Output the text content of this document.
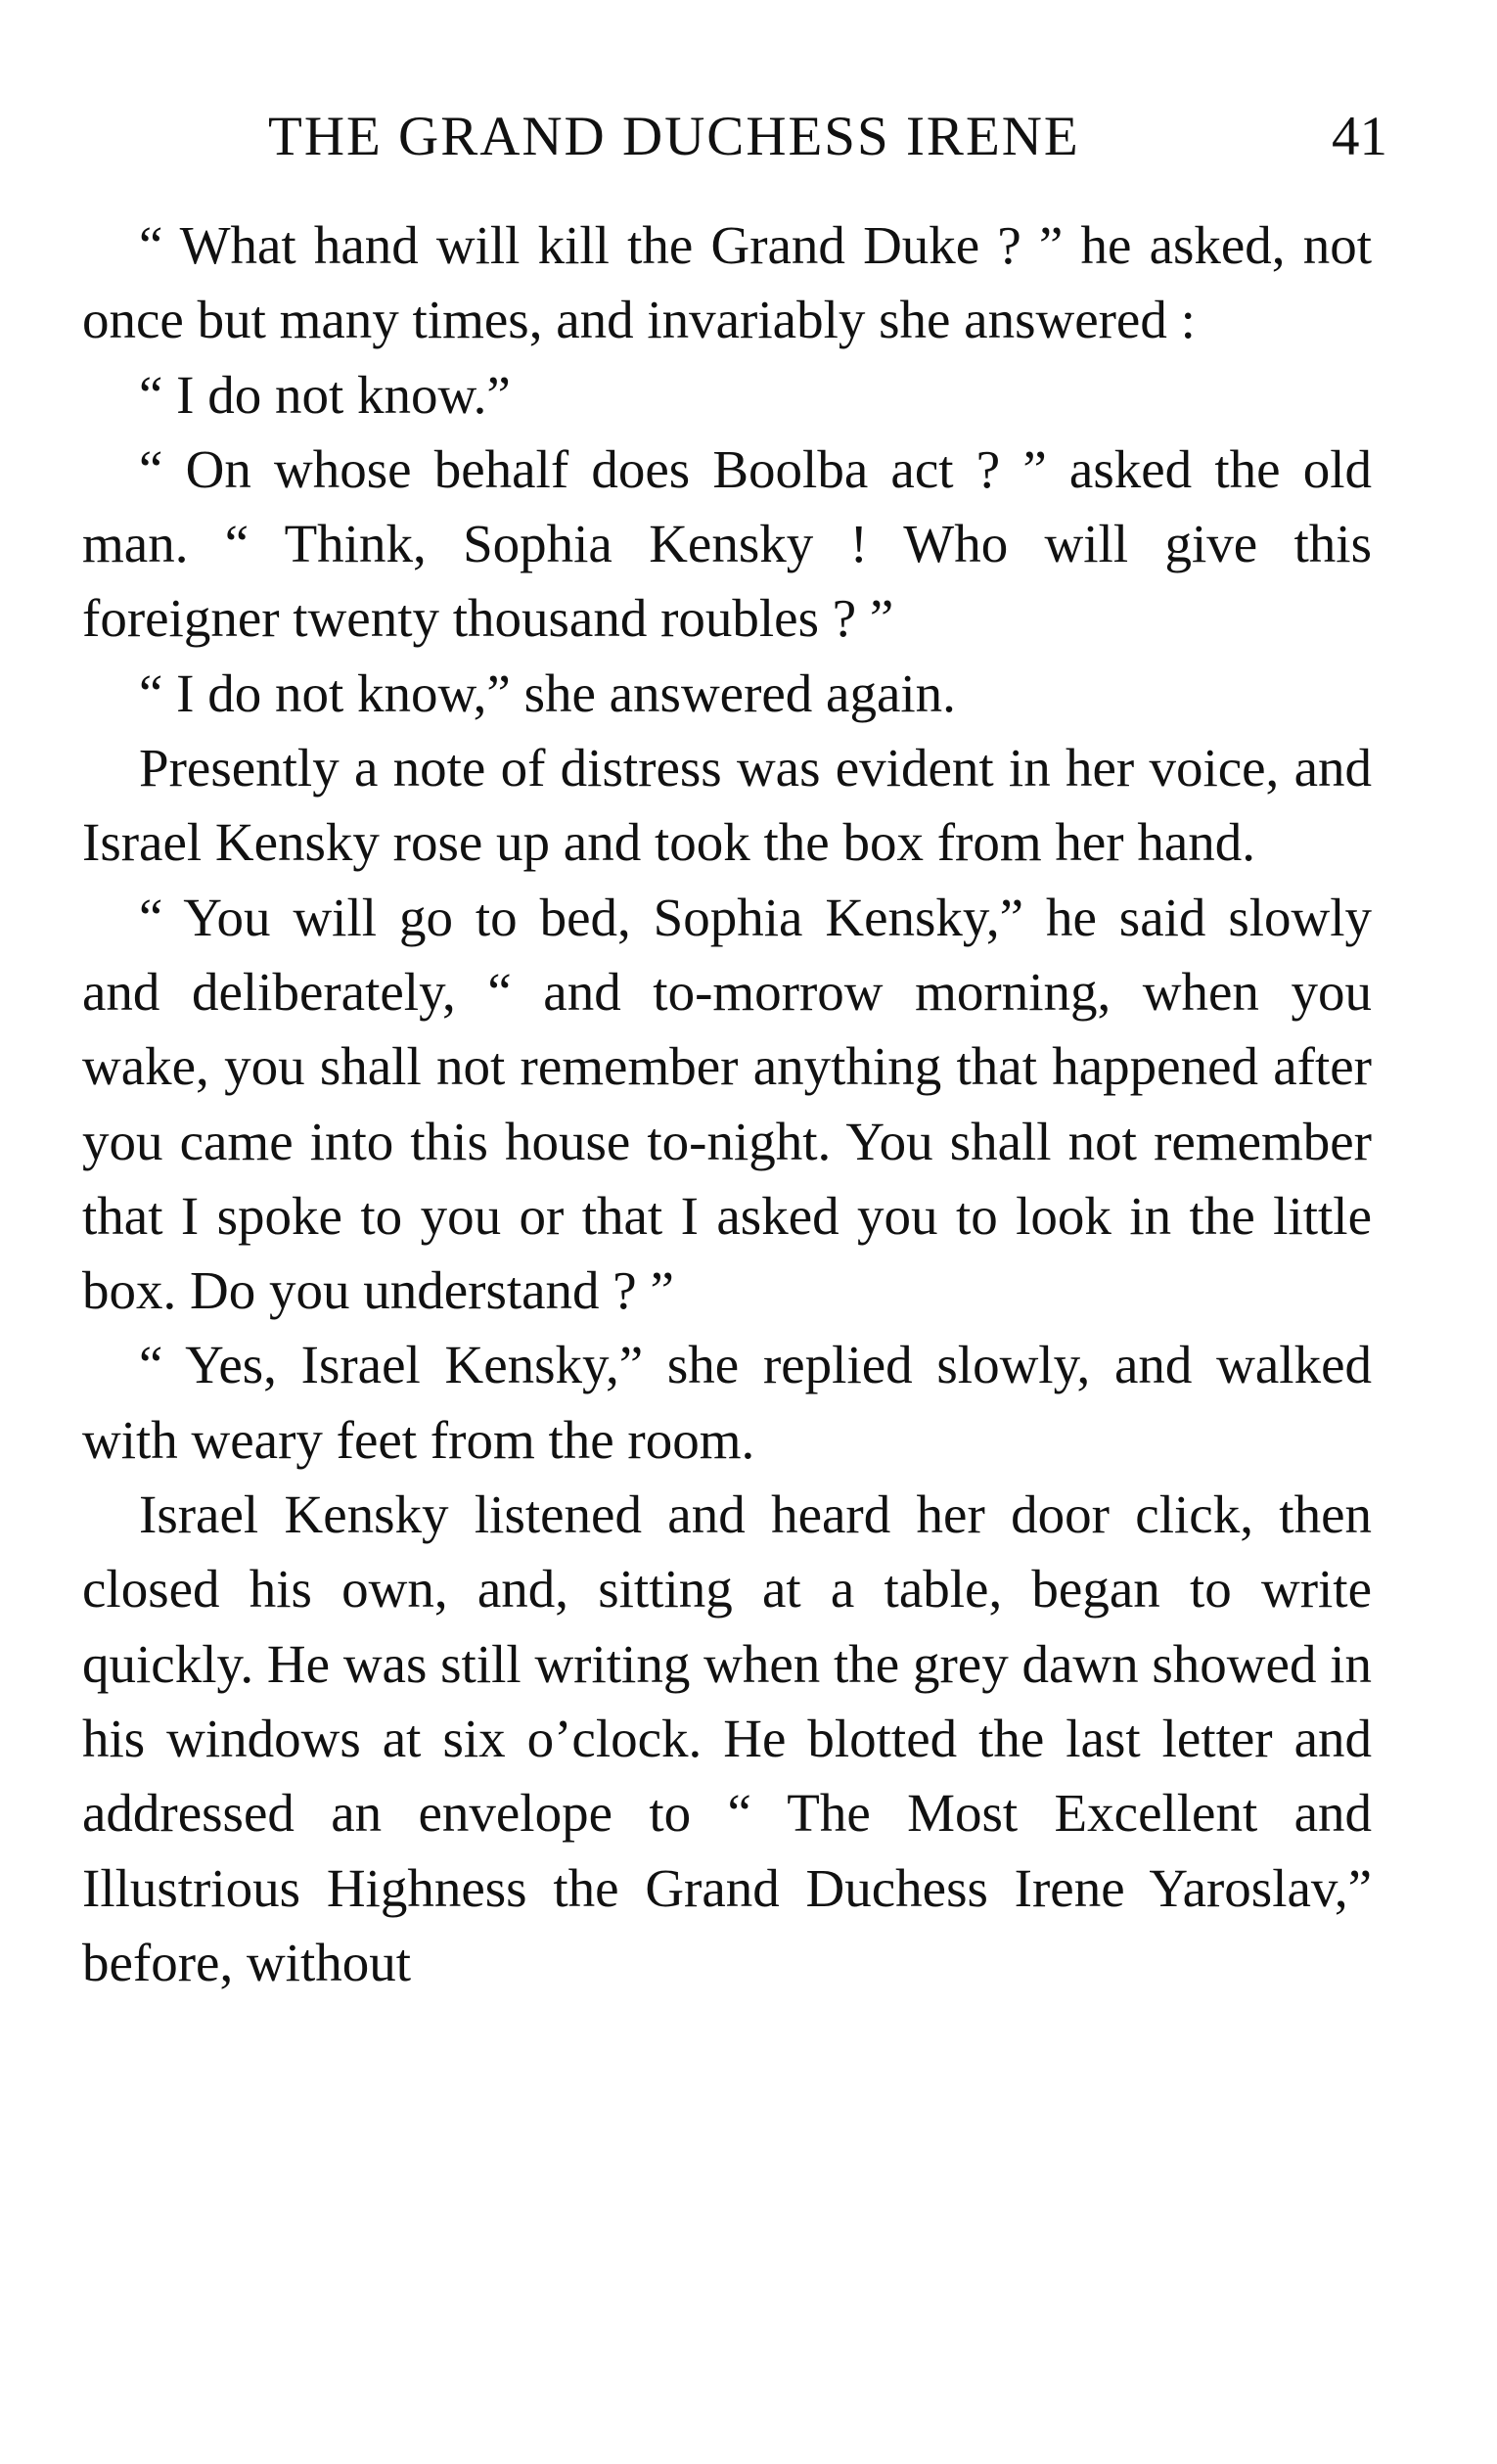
THE GRAND DUCHESS IRENE	41

“ What hand will kill the Grand Duke ? ” he asked, not once but many times, and invariably she answered :

“ I do not know.”

“ On whose behalf does Boolba act ? ” asked the old man. “ Think, Sophia Kensky ! Who will give this foreigner twenty thousand roubles ? ”

“ I do not know,” she answered again.

Presently a note of distress was evident in her voice, and Israel Kensky rose up and took the box from her hand.

“ You will go to bed, Sophia Kensky,” he said slowly and deliberately, “ and to-morrow morning, when you wake, you shall not remember anything that happened after you came into this house to-night. You shall not remember that I spoke to you or that I asked you to look in the little box. Do you understand ? ”

“ Yes, Israel Kensky,” she replied slowly, and walked with weary feet from the room.

Israel Kensky listened and heard her door click, then closed his own, and, sitting at a table, began to write quickly. He was still writing when the grey dawn showed in his windows at six o’clock. He blotted the last letter and addressed an envelope to “ The Most Excellent and Illustrious Highness the Grand Duchess Irene Yaroslav,” before, without
